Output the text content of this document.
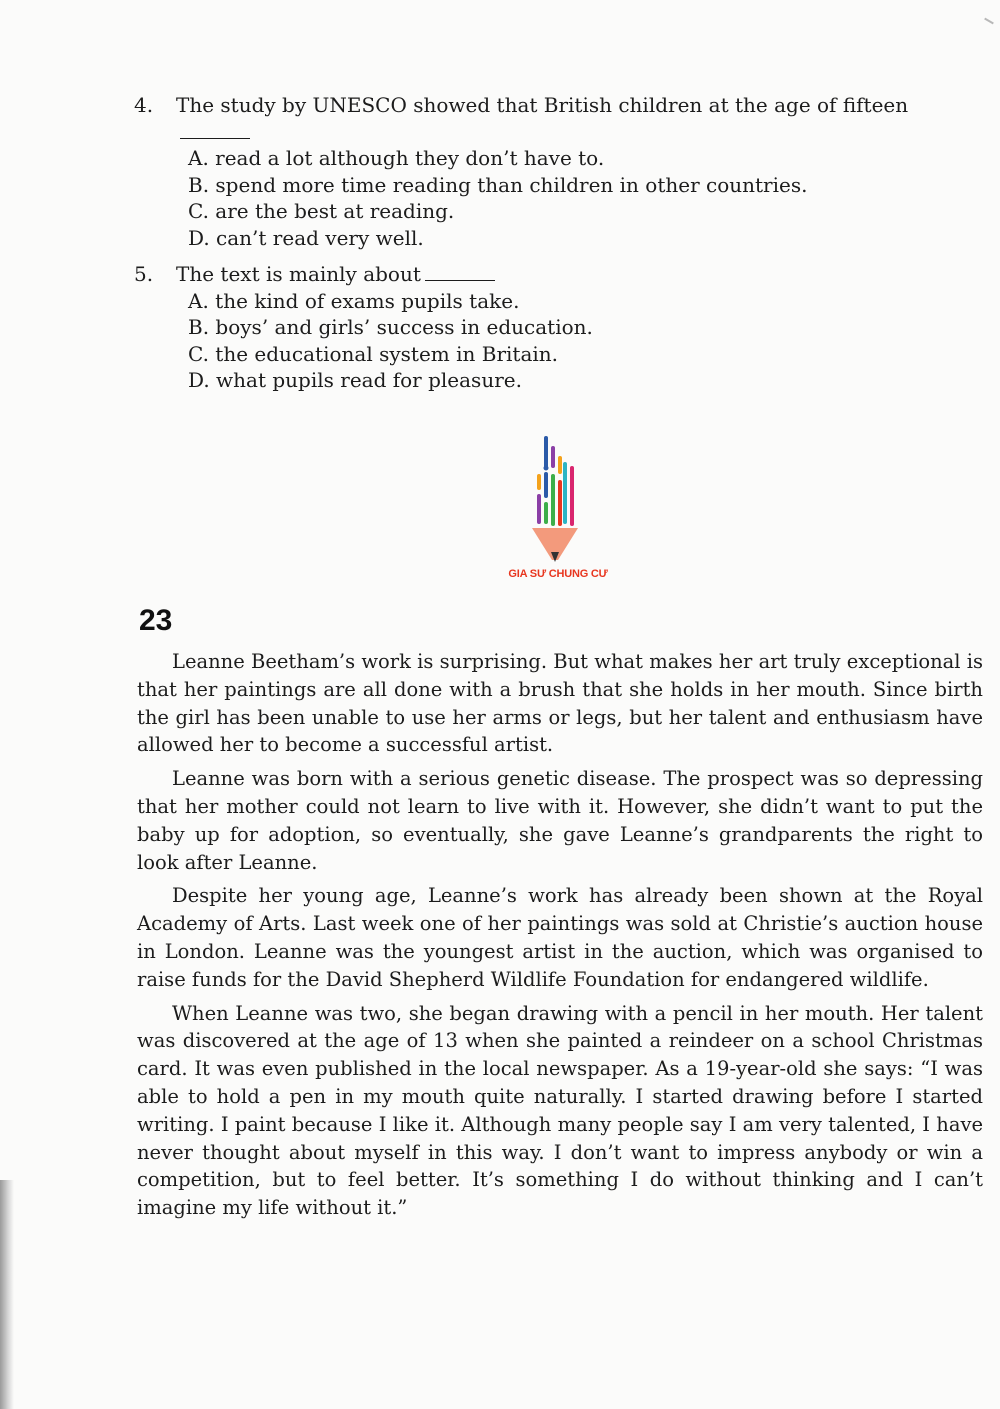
4.	The study by UNESCO showed that British children at the age of fifteen
A. read a lot although they don’t have to.
B. spend more time reading than children in other countries.
C. are the best at reading.
D. can’t read very well.
5.	The text is mainly about
A. the kind of exams pupils take.
B. boys’ and girls’ success in education.
C. the educational system in Britain.
D. what pupils read for pleasure.
GIA SƯ CHUNG CƯ
23

Leanne Beetham’s work is surprising. But what makes her art truly exceptional is that her paintings are all done with a brush that she holds in her mouth. Since birth the girl has been unable to use her arms or legs, but her talent and enthusiasm have allowed her to become a successful artist.

Leanne was born with a serious genetic disease. The prospect was so depressing that her mother could not learn to live with it. However, she didn’t want to put the baby up for adoption, so eventually, she gave Leanne’s grandparents the right to look after Leanne.

Despite her young age, Leanne’s work has already been shown at the Royal Academy of Arts. Last week one of her paintings was sold at Christie’s auction house in London. Leanne was the youngest artist in the auction, which was organised to raise funds for the David Shepherd Wildlife Foundation for endangered wildlife.

When Leanne was two, she began drawing with a pencil in her mouth. Her talent was discovered at the age of 13 when she painted a reindeer on a school Christmas card. It was even published in the local newspaper. As a 19-year-old she says: “I was able to hold a pen in my mouth quite naturally. I started drawing before I started writing. I paint because I like it. Although many people say I am very talented, I have never thought about myself in this way. I don’t want to impress anybody or win a competition, but to feel better. It’s something I do without thinking and I can’t imagine my life without it.”
